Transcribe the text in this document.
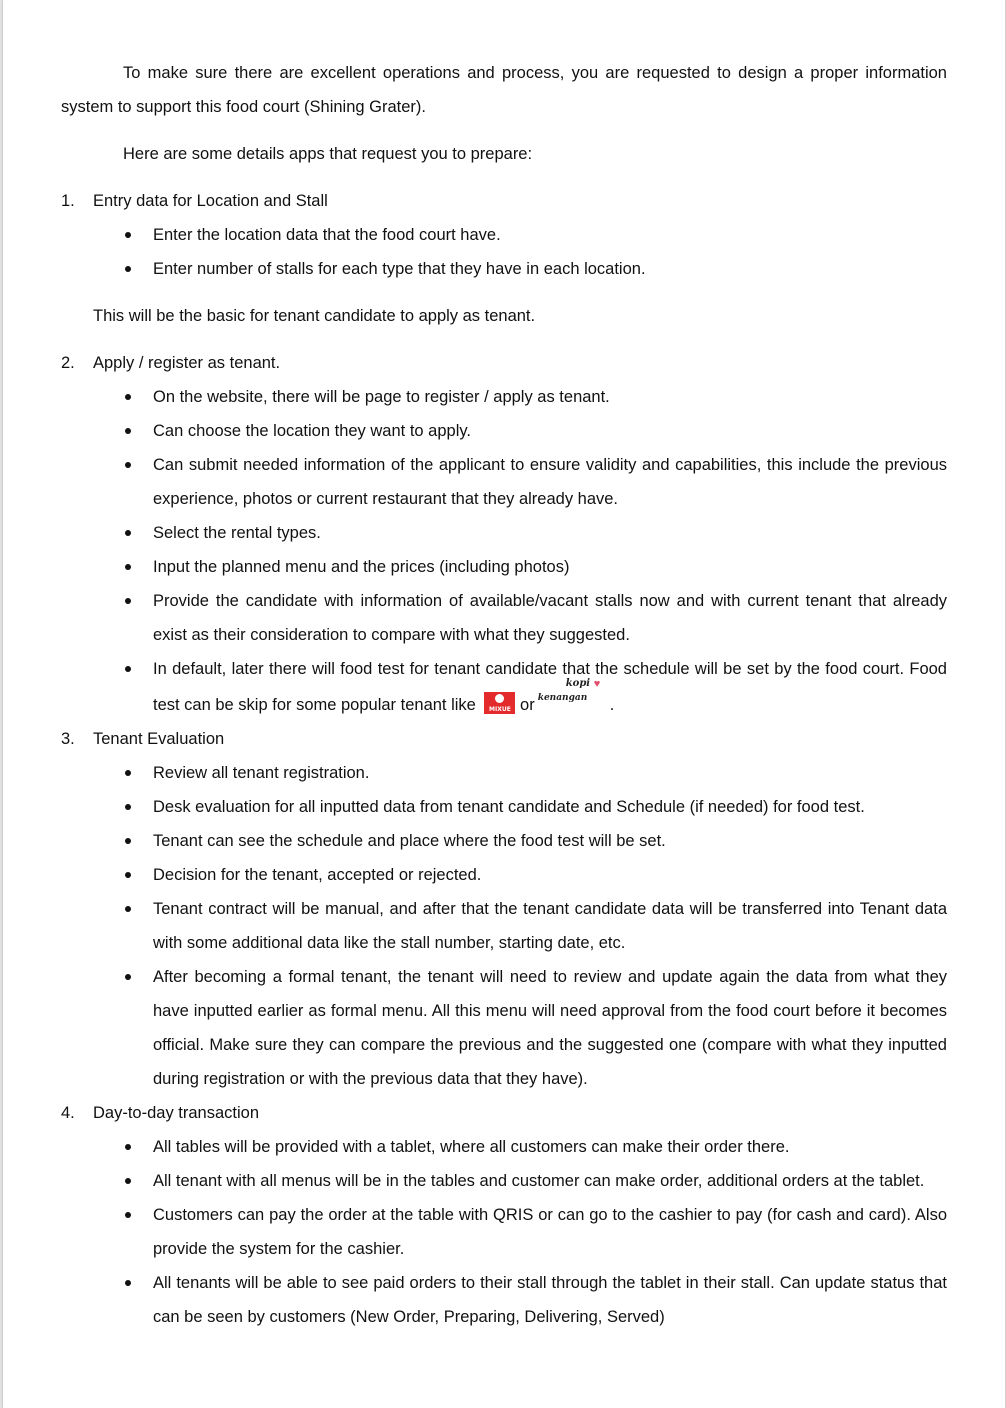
To make sure there are excellent operations and process, you are requested to design a proper information system to support this food court (Shining Grater).

Here are some details apps that request you to prepare:

1.	Entry data for Location and Stall
Enter the location data that the food court have.
Enter number of stalls for each type that they have in each location.

This will be the basic for tenant candidate to apply as tenant.

2.	Apply / register as tenant.
On the website, there will be page to register / apply as tenant.
Can choose the location they want to apply.
Can submit needed information of the applicant to ensure validity and capabilities, this include the previous experience, photos or current restaurant that they already have.
Select the rental types.
Input the planned menu and the prices (including photos)
Provide the candidate with information of available/vacant stalls now and with current tenant that already exist as their consideration to compare with what they suggested.
In default, later there will food test for tenant candidate that the schedule will be set by the food court. Food test can be skip for some popular tenant like	MIXUE or
kopi
kenangan
♥
.
3.	Tenant Evaluation
Review all tenant registration.
Desk evaluation for all inputted data from tenant candidate and Schedule (if needed) for food test.
Tenant can see the schedule and place where the food test will be set.
Decision for the tenant, accepted or rejected.
Tenant contract will be manual, and after that the tenant candidate data will be transferred into Tenant data with some additional data like the stall number, starting date, etc.
After becoming a formal tenant, the tenant will need to review and update again the data from what they have inputted earlier as formal menu. All this menu will need approval from the food court before it becomes official. Make sure they can compare the previous and the suggested one (compare with what they inputted during registration or with the previous data that they have).
4.	Day-to-day transaction
All tables will be provided with a tablet, where all customers can make their order there.
All tenant with all menus will be in the tables and customer can make order, additional orders at the tablet.
Customers can pay the order at the table with QRIS or can go to the cashier to pay (for cash and card). Also provide the system for the cashier.
All tenants will be able to see paid orders to their stall through the tablet in their stall. Can update status that can be seen by customers (New Order, Preparing, Delivering, Served)
